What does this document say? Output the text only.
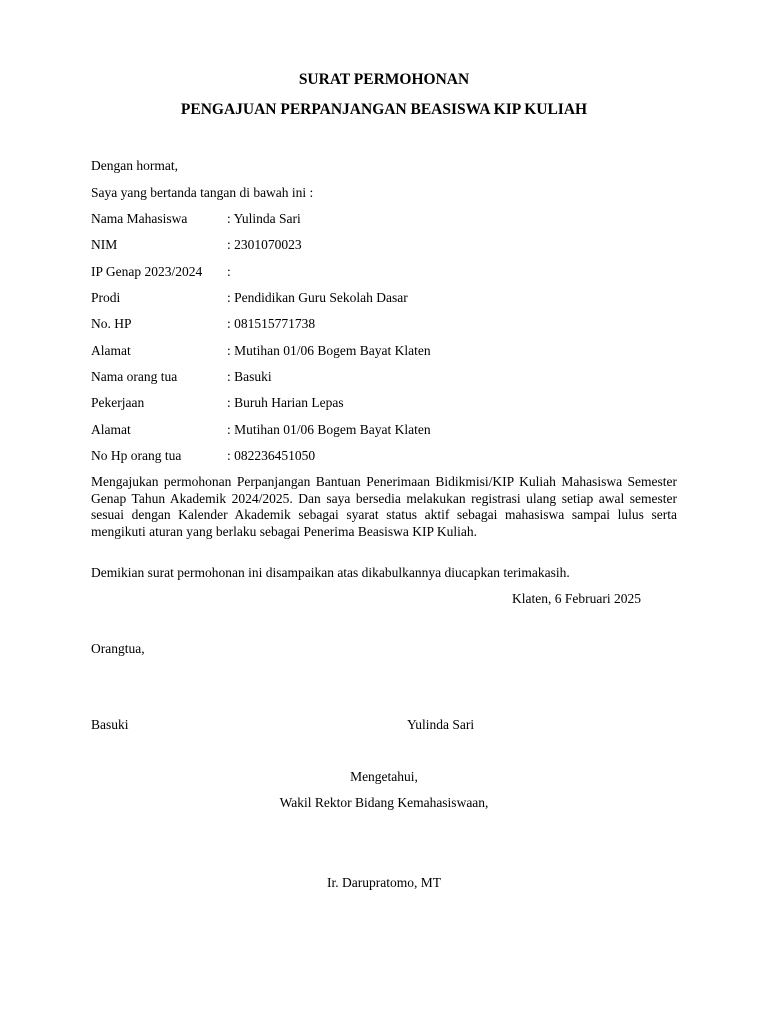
SURAT PERMOHONAN
PENGAJUAN PERPANJANGAN BEASISWA KIP KULIAH
Dengan hormat,
Saya yang bertanda tangan di bawah ini :
Nama Mahasiswa	: Yulinda Sari
NIM	: 2301070023
IP Genap 2023/2024 :
Prodi	: Pendidikan Guru Sekolah Dasar
No. HP	: 081515771738
Alamat	: Mutihan 01/06 Bogem Bayat Klaten
Nama orang tua	: Basuki
Pekerjaan	: Buruh Harian Lepas
Alamat	: Mutihan 01/06 Bogem Bayat Klaten
No Hp orang tua	: 082236451050

Mengajukan permohonan Perpanjangan Bantuan Penerimaan Bidikmisi/KIP Kuliah Mahasiswa Semester Genap Tahun Akademik 2024/2025. Dan saya bersedia melakukan registrasi ulang setiap awal semester sesuai dengan Kalender Akademik sebagai syarat status aktif sebagai mahasiswa sampai lulus serta mengikuti aturan yang berlaku sebagai Penerima Beasiswa KIP Kuliah.

Demikian surat permohonan ini disampaikan atas dikabulkannya diucapkan terimakasih.
Klaten, 6 Februari 2025
Orangtua,
Basuki	Yulinda Sari
Mengetahui,
Wakil Rektor Bidang Kemahasiswaan,
Ir. Darupratomo, MT
